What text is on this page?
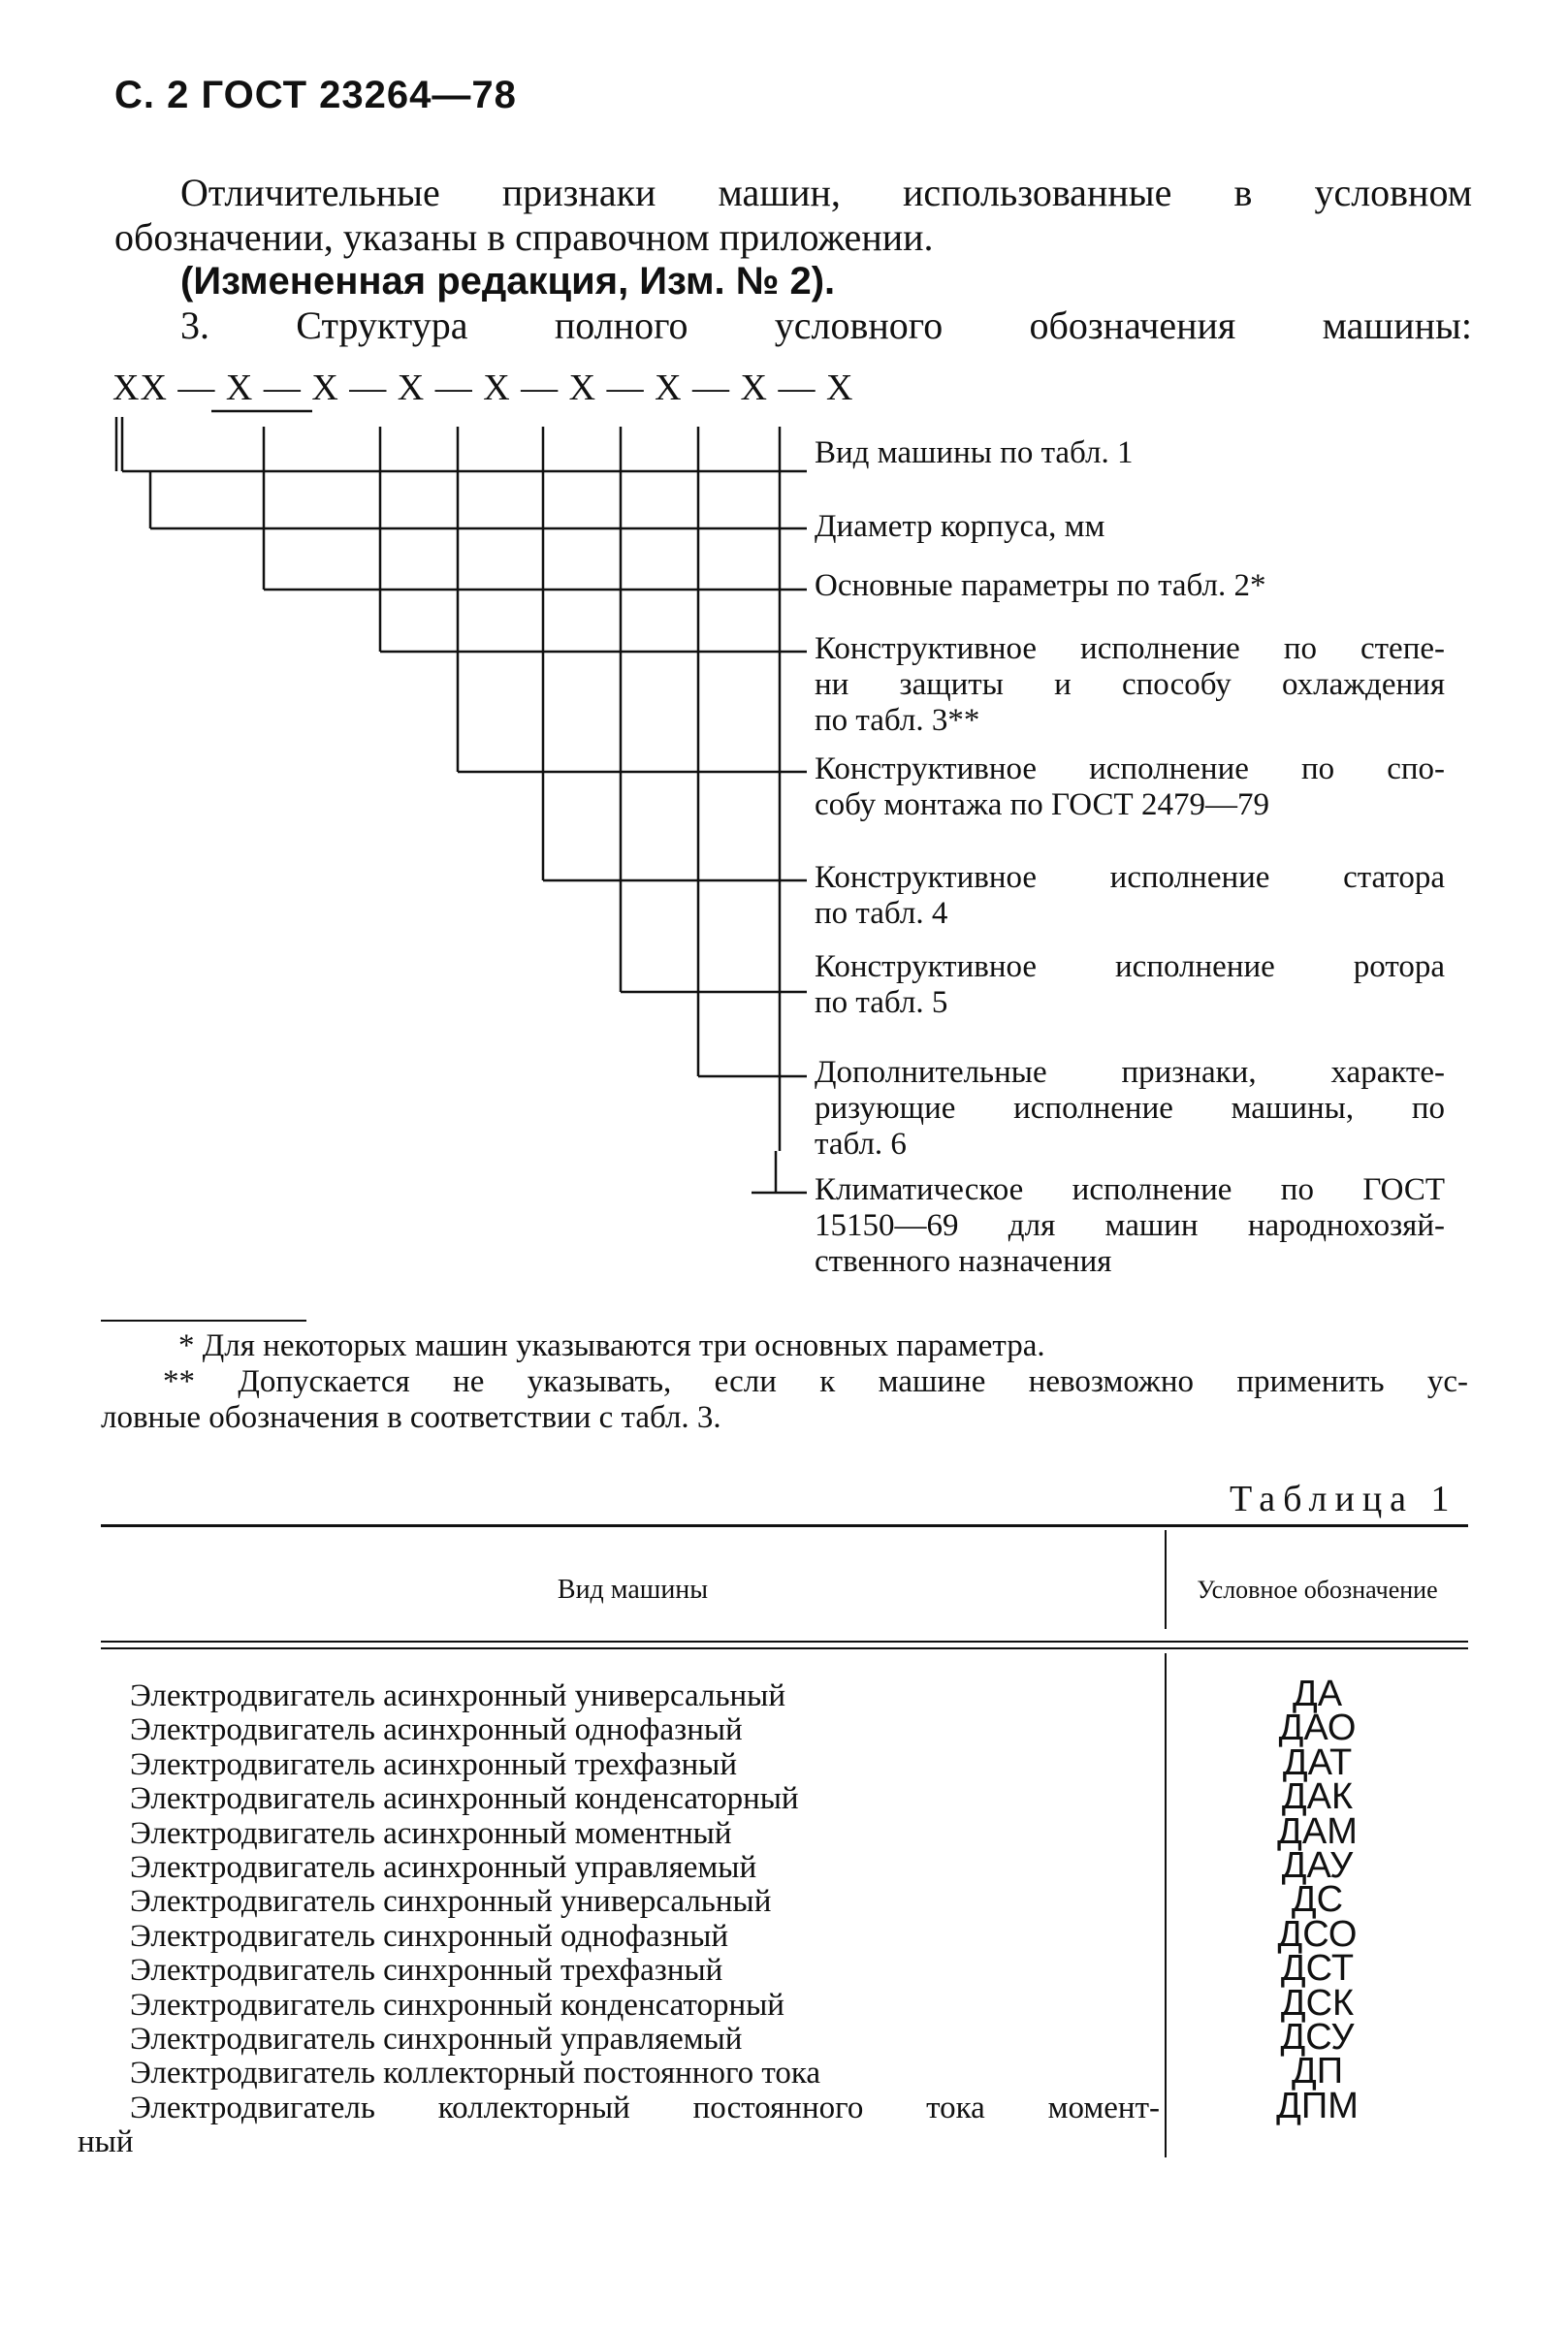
С. 2 ГОСТ 23264—78
Отличительные признаки машин, использованные в условном
обозначении, указаны в справочном приложении.
(Измененная редакция, Изм. № 2).
3. Структура полного условного обозначения машины:
ХХ — Х — Х — Х — Х — Х — Х — Х — Х
Вид машины по табл. 1
Диаметр корпуса, мм
Основные параметры по табл. 2*
Конструктивное исполнение по степе-
ни защиты и способу охлаждения
по табл. 3**
Конструктивное исполнение по спо-
собу монтажа по ГОСТ 2479—79
Конструктивное исполнение статора
по табл. 4
Конструктивное исполнение ротора
по табл. 5
Дополнительные признаки, характе-
ризующие исполнение машины, по
табл. 6
Климатическое исполнение по ГОСТ
15150—69 для машин народнохозяй-
ственного назначения
* Для некоторых машин указываются три основных параметра.
** Допускается не указывать, если к машине невозможно применить ус-
ловные обозначения в соответствии с табл. 3.
Таблица 1
Вид машины	Условное обозначение
Электродвигатель асинхронный универсальный
Электродвигатель асинхронный однофазный
Электродвигатель асинхронный трехфазный
Электродвигатель асинхронный конденсаторный
Электродвигатель асинхронный моментный
Электродвигатель асинхронный управляемый
Электродвигатель синхронный универсальный
Электродвигатель синхронный однофазный
Электродвигатель синхронный трехфазный
Электродвигатель синхронный конденсаторный
Электродвигатель синхронный управляемый
Электродвигатель коллекторный постоянного тока
Электродвигатель коллекторный постоянного тока момент-
ный
ДА
ДАО
ДАТ
ДАК
ДАМ
ДАУ
ДС
ДСО
ДСТ
ДСК
ДСУ
ДП
ДПМ
